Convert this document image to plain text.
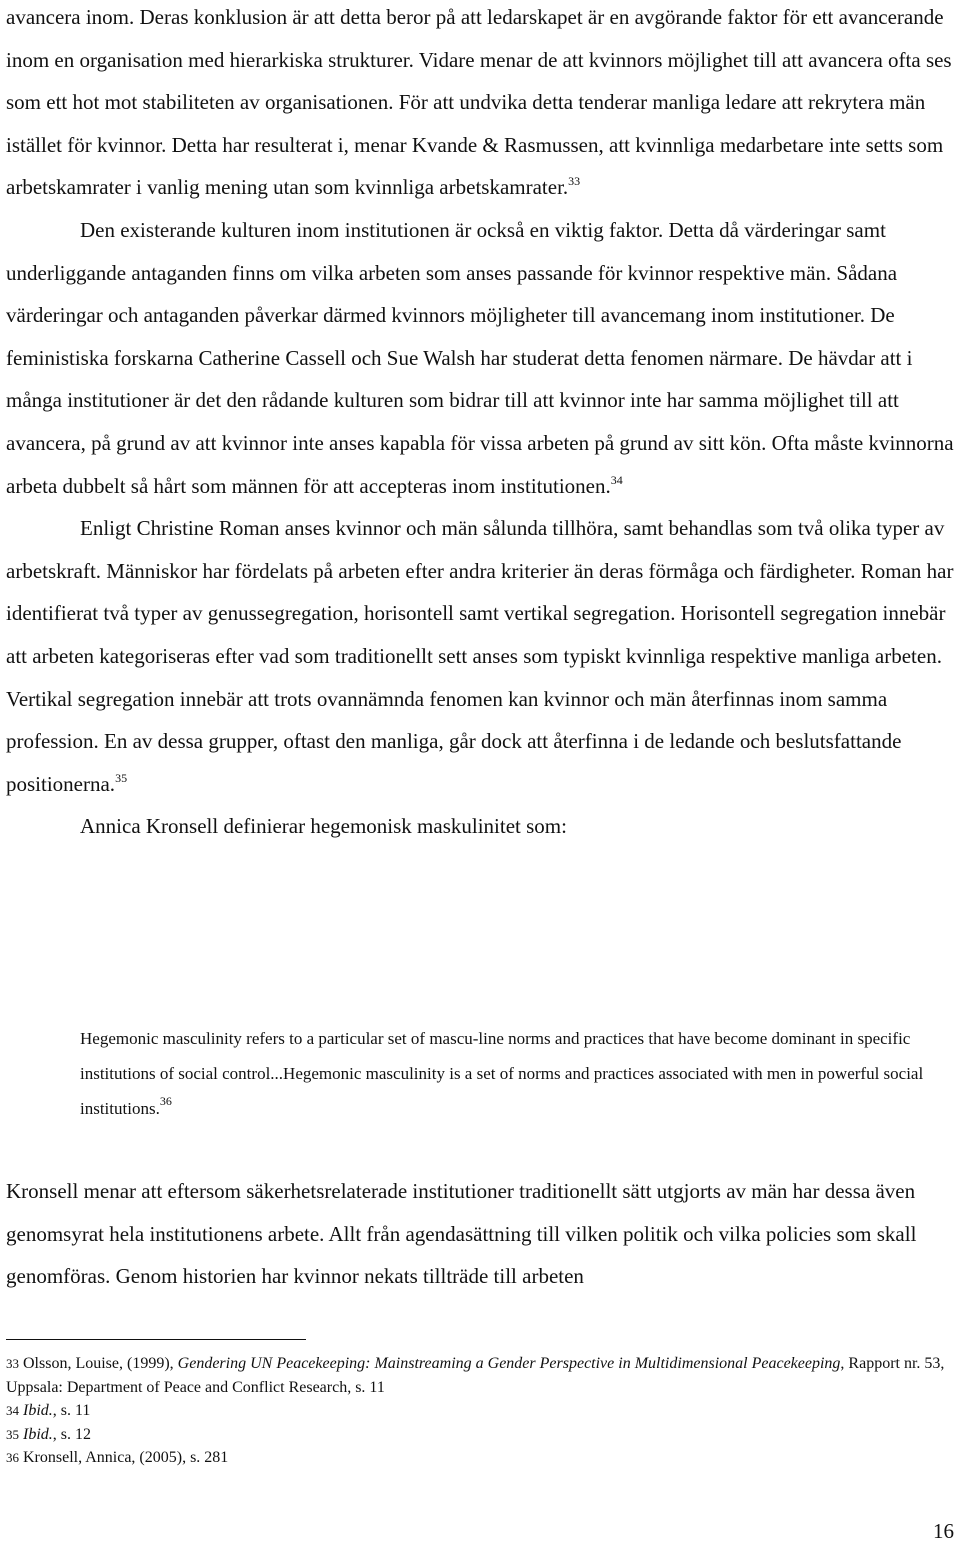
avancera inom. Deras konklusion är att detta beror på att ledarskapet är en avgörande faktor för ett avancerande inom en organisation med hierarkiska strukturer. Vidare menar de att kvinnors möjlighet till att avancera ofta ses som ett hot mot stabiliteten av organisationen. För att undvika detta tenderar manliga ledare att rekrytera män istället för kvinnor. Detta har resulterat i, menar Kvande & Rasmussen, att kvinnliga medarbetare inte setts som arbetskamrater i vanlig mening utan som kvinnliga arbetskamrater.$^{33}$

Den existerande kulturen inom institutionen är också en viktig faktor. Detta då värderingar samt underliggande antaganden finns om vilka arbeten som anses passande för kvinnor respektive män. Sådana värderingar och antaganden påverkar därmed kvinnors möjligheter till avancemang inom institutioner. De feministiska forskarna Catherine Cassell och Sue Walsh har studerat detta fenomen närmare. De hävdar att i många institutioner är det den rådande kulturen som bidrar till att kvinnor inte har samma möjlighet till att avancera, på grund av att kvinnor inte anses kapabla för vissa arbeten på grund av sitt kön. Ofta måste kvinnorna arbeta dubbelt så hårt som männen för att accepteras inom institutionen.$^{34}$

Enligt Christine Roman anses kvinnor och män sålunda tillhöra, samt behandlas som två olika typer av arbetskraft. Människor har fördelats på arbeten efter andra kriterier än deras förmåga och färdigheter. Roman har identifierat två typer av genussegregation, horisontell samt vertikal segregation. Horisontell segregation innebär att arbeten kategoriseras efter vad som traditionellt sett anses som typiskt kvinnliga respektive manliga arbeten. Vertikal segregation innebär att trots ovannämnda fenomen kan kvinnor och män återfinnas inom samma profession. En av dessa grupper, oftast den manliga, går dock att återfinna i de ledande och beslutsfattande positionerna.$^{35}$

Annica Kronsell definierar hegemonisk maskulinitet som:

Hegemonic masculinity refers to a particular set of mascu-line norms and practices that have become dominant in specific institutions of social control...Hegemonic masculinity is a set of norms and practices associated with men in powerful social institutions.$^{36}$

Kronsell menar att eftersom säkerhetsrelaterade institutioner traditionellt sätt utgjorts av män har dessa även genomsyrat hela institutionens arbete. Allt från agendasättning till vilken politik och vilka policies som skall genomföras. Genom historien har kvinnor nekats tillträde till arbeten

33 Olsson, Louise, (1999), Gendering UN Peacekeeping: Mainstreaming a Gender Perspective in Multidimensional Peacekeeping, Rapport nr. 53, Uppsala: Department of Peace and Conflict Research, s. 11

34 Ibid., s. 11

35 Ibid., s. 12

36 Kronsell, Annica, (2005), s. 281

16
